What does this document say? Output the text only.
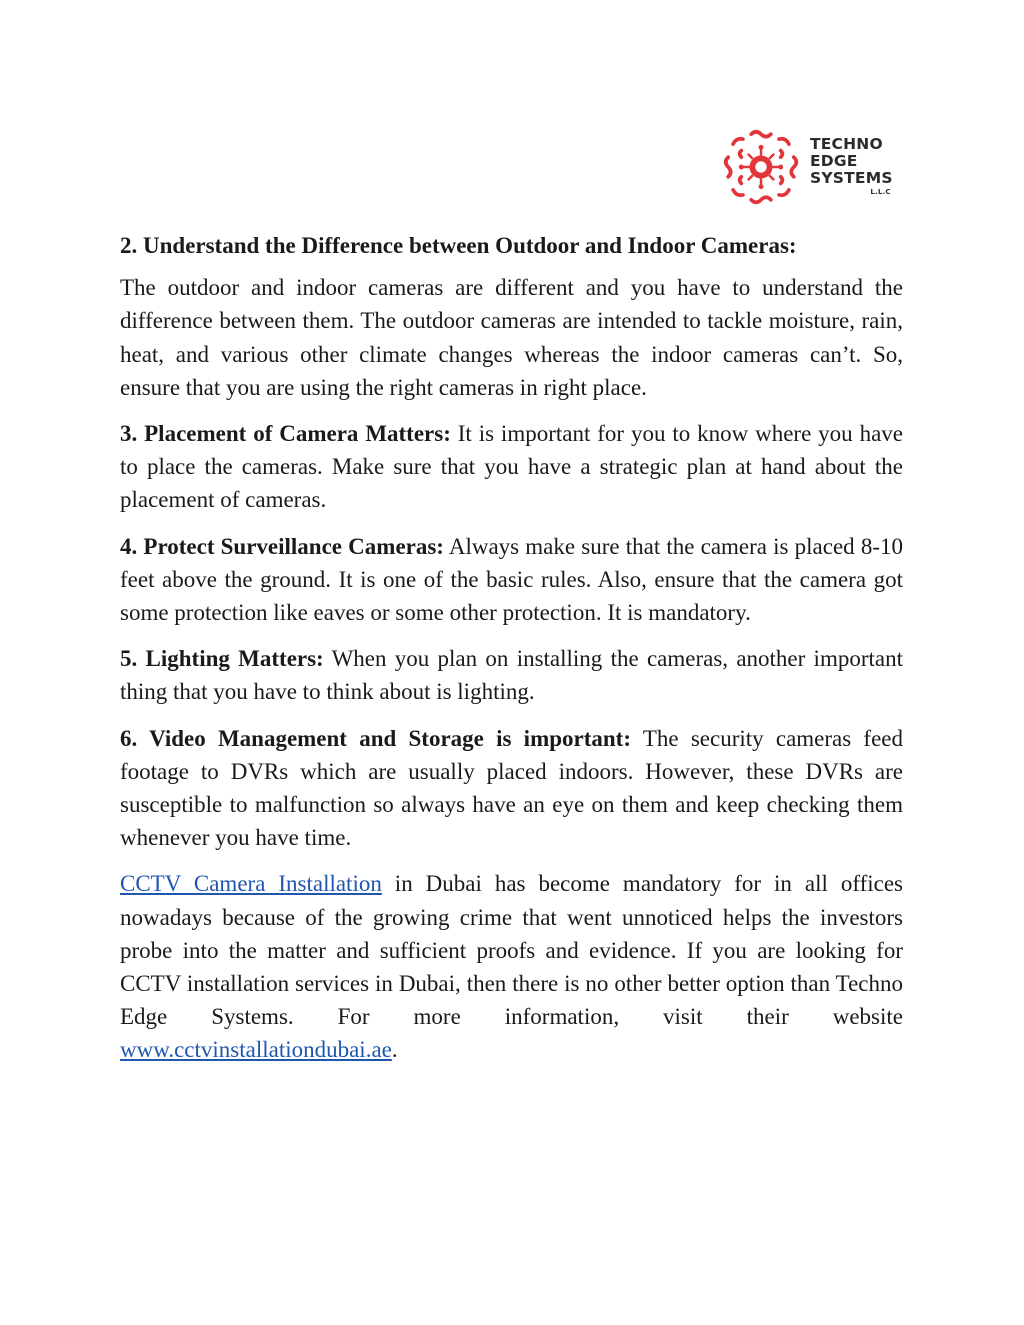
TECHNO
EDGE
SYSTEMS
L.L.C

2. Understand the Difference between Outdoor and Indoor Cameras:

The outdoor and indoor cameras are different and you have to understand the difference between them. The outdoor cameras are intended to tackle moisture, rain, heat, and various other climate changes whereas the indoor cameras can’t. So, ensure that you are using the right cameras in right place.

3. Placement of Camera Matters: It is important for you to know where you have to place the cameras. Make sure that you have a strategic plan at hand about the placement of cameras.

4. Protect Surveillance Cameras: Always make sure that the camera is placed 8-10 feet above the ground. It is one of the basic rules. Also, ensure that the camera got some protection like eaves or some other protection. It is mandatory.

5. Lighting Matters: When you plan on installing the cameras, another important thing that you have to think about is lighting.

6. Video Management and Storage is important: The security cameras feed footage to DVRs which are usually placed indoors. However, these DVRs are susceptible to malfunction so always have an eye on them and keep checking them whenever you have time.

CCTV Camera Installation in Dubai has become mandatory for in all offices nowadays because of the growing crime that went unnoticed helps the investors probe into the matter and sufficient proofs and evidence. If you are looking for CCTV installation services in Dubai, then there is no other better option than Techno Edge Systems. For more information, visit their website www.cctvinstallationdubai.ae.
